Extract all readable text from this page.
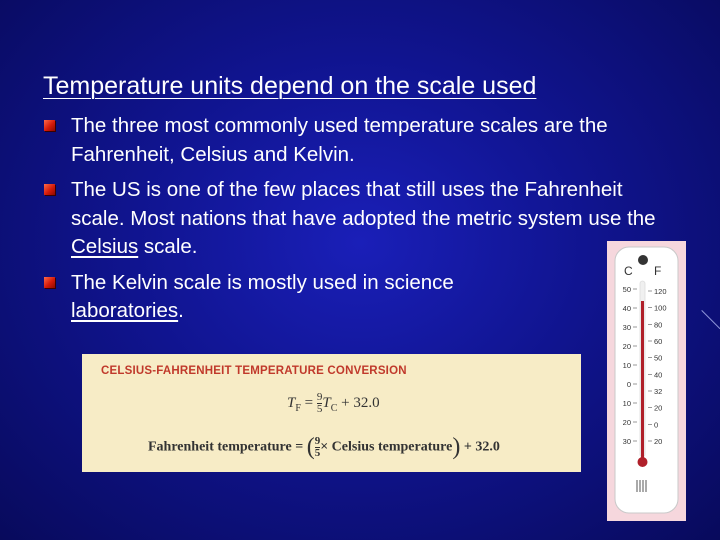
Temperature units depend on the scale used
The three most commonly used temperature scales are the Fahrenheit, Celsius and Kelvin.
The US is one of the few places that still uses the Fahrenheit scale. Most nations that have adopted the metric system use the Celsius scale.
The Kelvin scale is mostly used in science
laboratories.
CELSIUS-FAHRENHEIT TEMPERATURE CONVERSION
$T_F = \frac{9}{5} T_C + 32.0$
Fahrenheit temperature = ( $\frac{9}{5}$ × Celsius temperature) + 32.0
C F
50
40
30
20
10
0
10
20
30
120
100
80
60
50
40
32
20
0
20
